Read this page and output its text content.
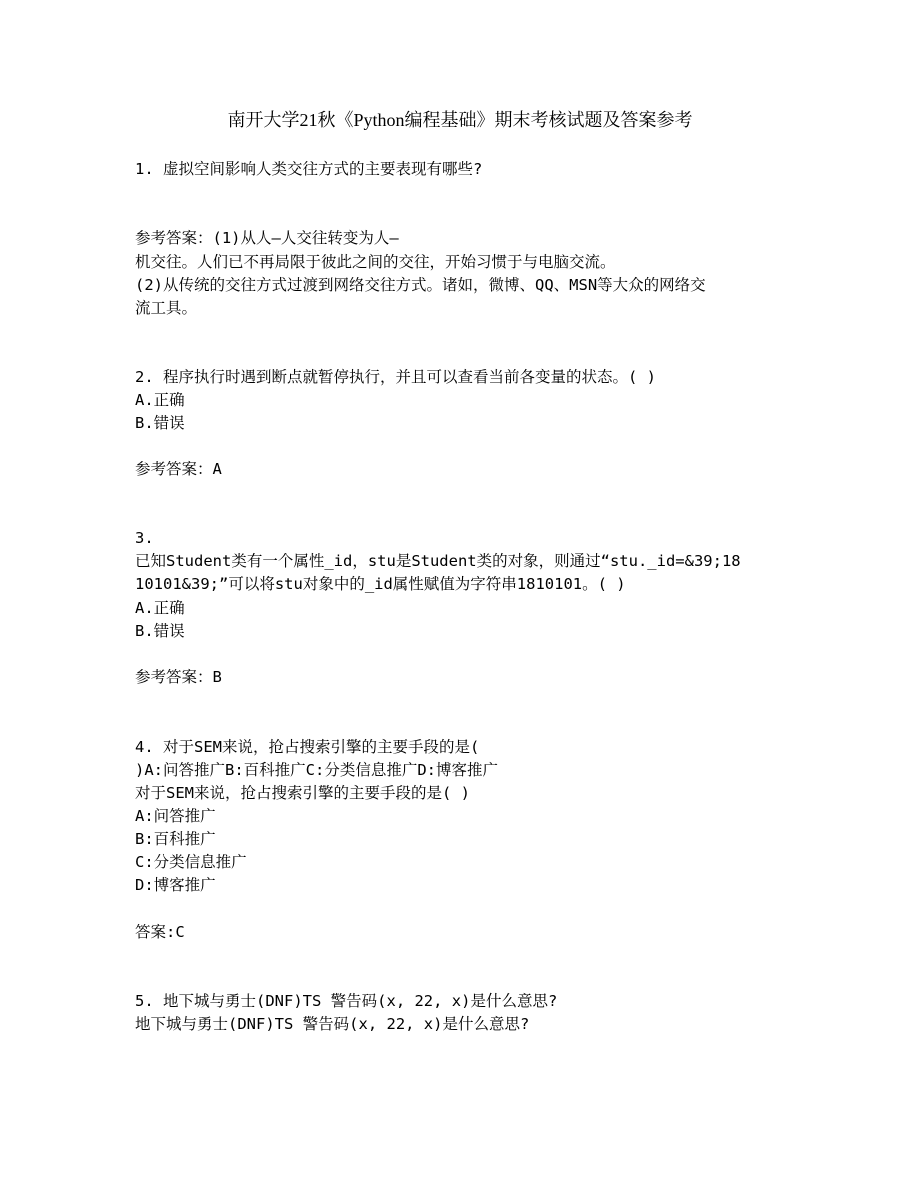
南开大学21秋《Python编程基础》期末考核试题及答案参考
1. 虚拟空间影响人类交往方式的主要表现有哪些?
参考答案：(1)从人—人交往转变为人—
机交往。人们已不再局限于彼此之间的交往，开始习惯于与电脑交流。
(2)从传统的交往方式过渡到网络交往方式。诸如，微博、QQ、MSN等大众的网络交
流工具。
2. 程序执行时遇到断点就暂停执行，并且可以查看当前各变量的状态。( )
A.正确
B.错误
参考答案：A
3.
已知Student类有一个属性_id，stu是Student类的对象，则通过“stu._id=&39;18
10101&39;”可以将stu对象中的_id属性赋值为字符串1810101。( )
A.正确
B.错误
参考答案：B
4. 对于SEM来说，抢占搜索引擎的主要手段的是(
)A:问答推广B:百科推广C:分类信息推广D:博客推广
对于SEM来说，抢占搜索引擎的主要手段的是( )
A:问答推广
B:百科推广
C:分类信息推广
D:博客推广
答案:C
5. 地下城与勇士(DNF)TS 警告码(x, 22, x)是什么意思?
地下城与勇士(DNF)TS 警告码(x, 22, x)是什么意思?
